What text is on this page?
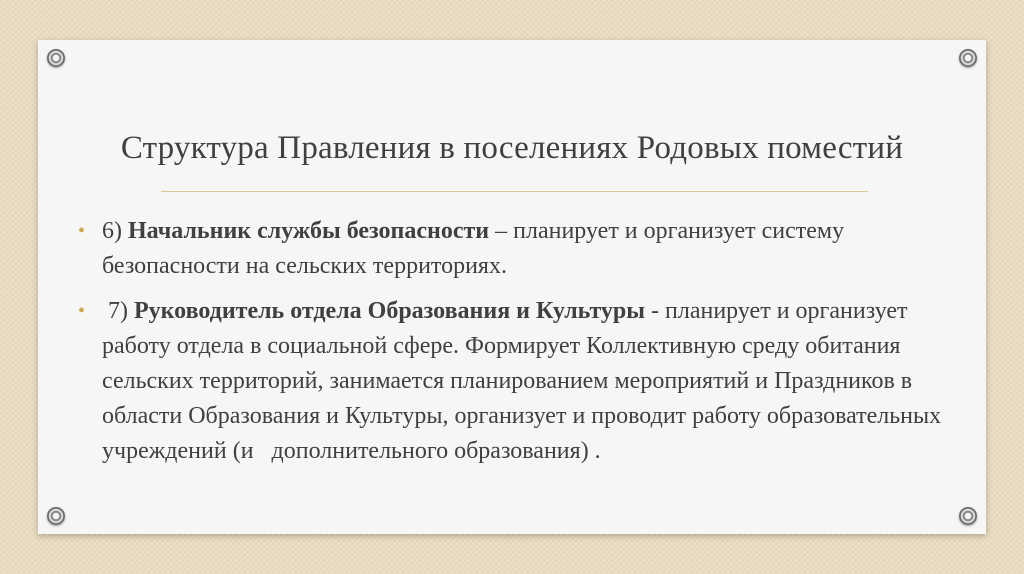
Структура Правления в поселениях Родовых поместий

• 6) Начальник службы безопасности – планирует и организует систему безопасности на сельских территориях.

• 7) Руководитель отдела Образования и Культуры - планирует и организует работу отдела в социальной сфере. Формирует Коллективную среду обитания сельских территорий, занимается планированием мероприятий и Праздников в области Образования и Культуры, организует и проводит работу образовательных учреждений (и   дополнительного образования) .
